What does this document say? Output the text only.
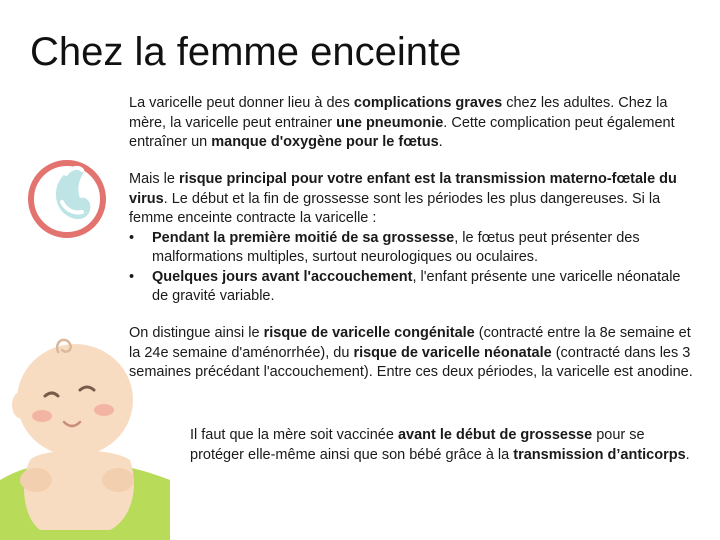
Chez la femme enceinte

La varicelle peut donner lieu à des complications graves chez les adultes. Chez la mère, la varicelle peut entrainer une pneumonie. Cette complication peut également entraîner un manque d'oxygène pour le fœtus.

Mais le risque principal pour votre enfant est la transmission materno-fœtale du virus. Le début et la fin de grossesse sont les périodes les plus dangereuses. Si la femme enceinte contracte la varicelle :
•	Pendant la première moitié de sa grossesse, le fœtus peut présenter des malformations multiples, surtout neurologiques ou oculaires.
•	Quelques jours avant l'accouchement, l'enfant présente une varicelle néonatale de gravité variable.

On distingue ainsi le risque de varicelle congénitale (contracté entre la 8e semaine et la 24e semaine d'aménorrhée), du risque de varicelle néonatale (contracté dans les 3 semaines précédant l'accouchement). Entre ces deux périodes, la varicelle est anodine.

Il faut que la mère soit vaccinée avant le début de grossesse pour se protéger elle-même ainsi que son bébé grâce à la transmission d’anticorps.
